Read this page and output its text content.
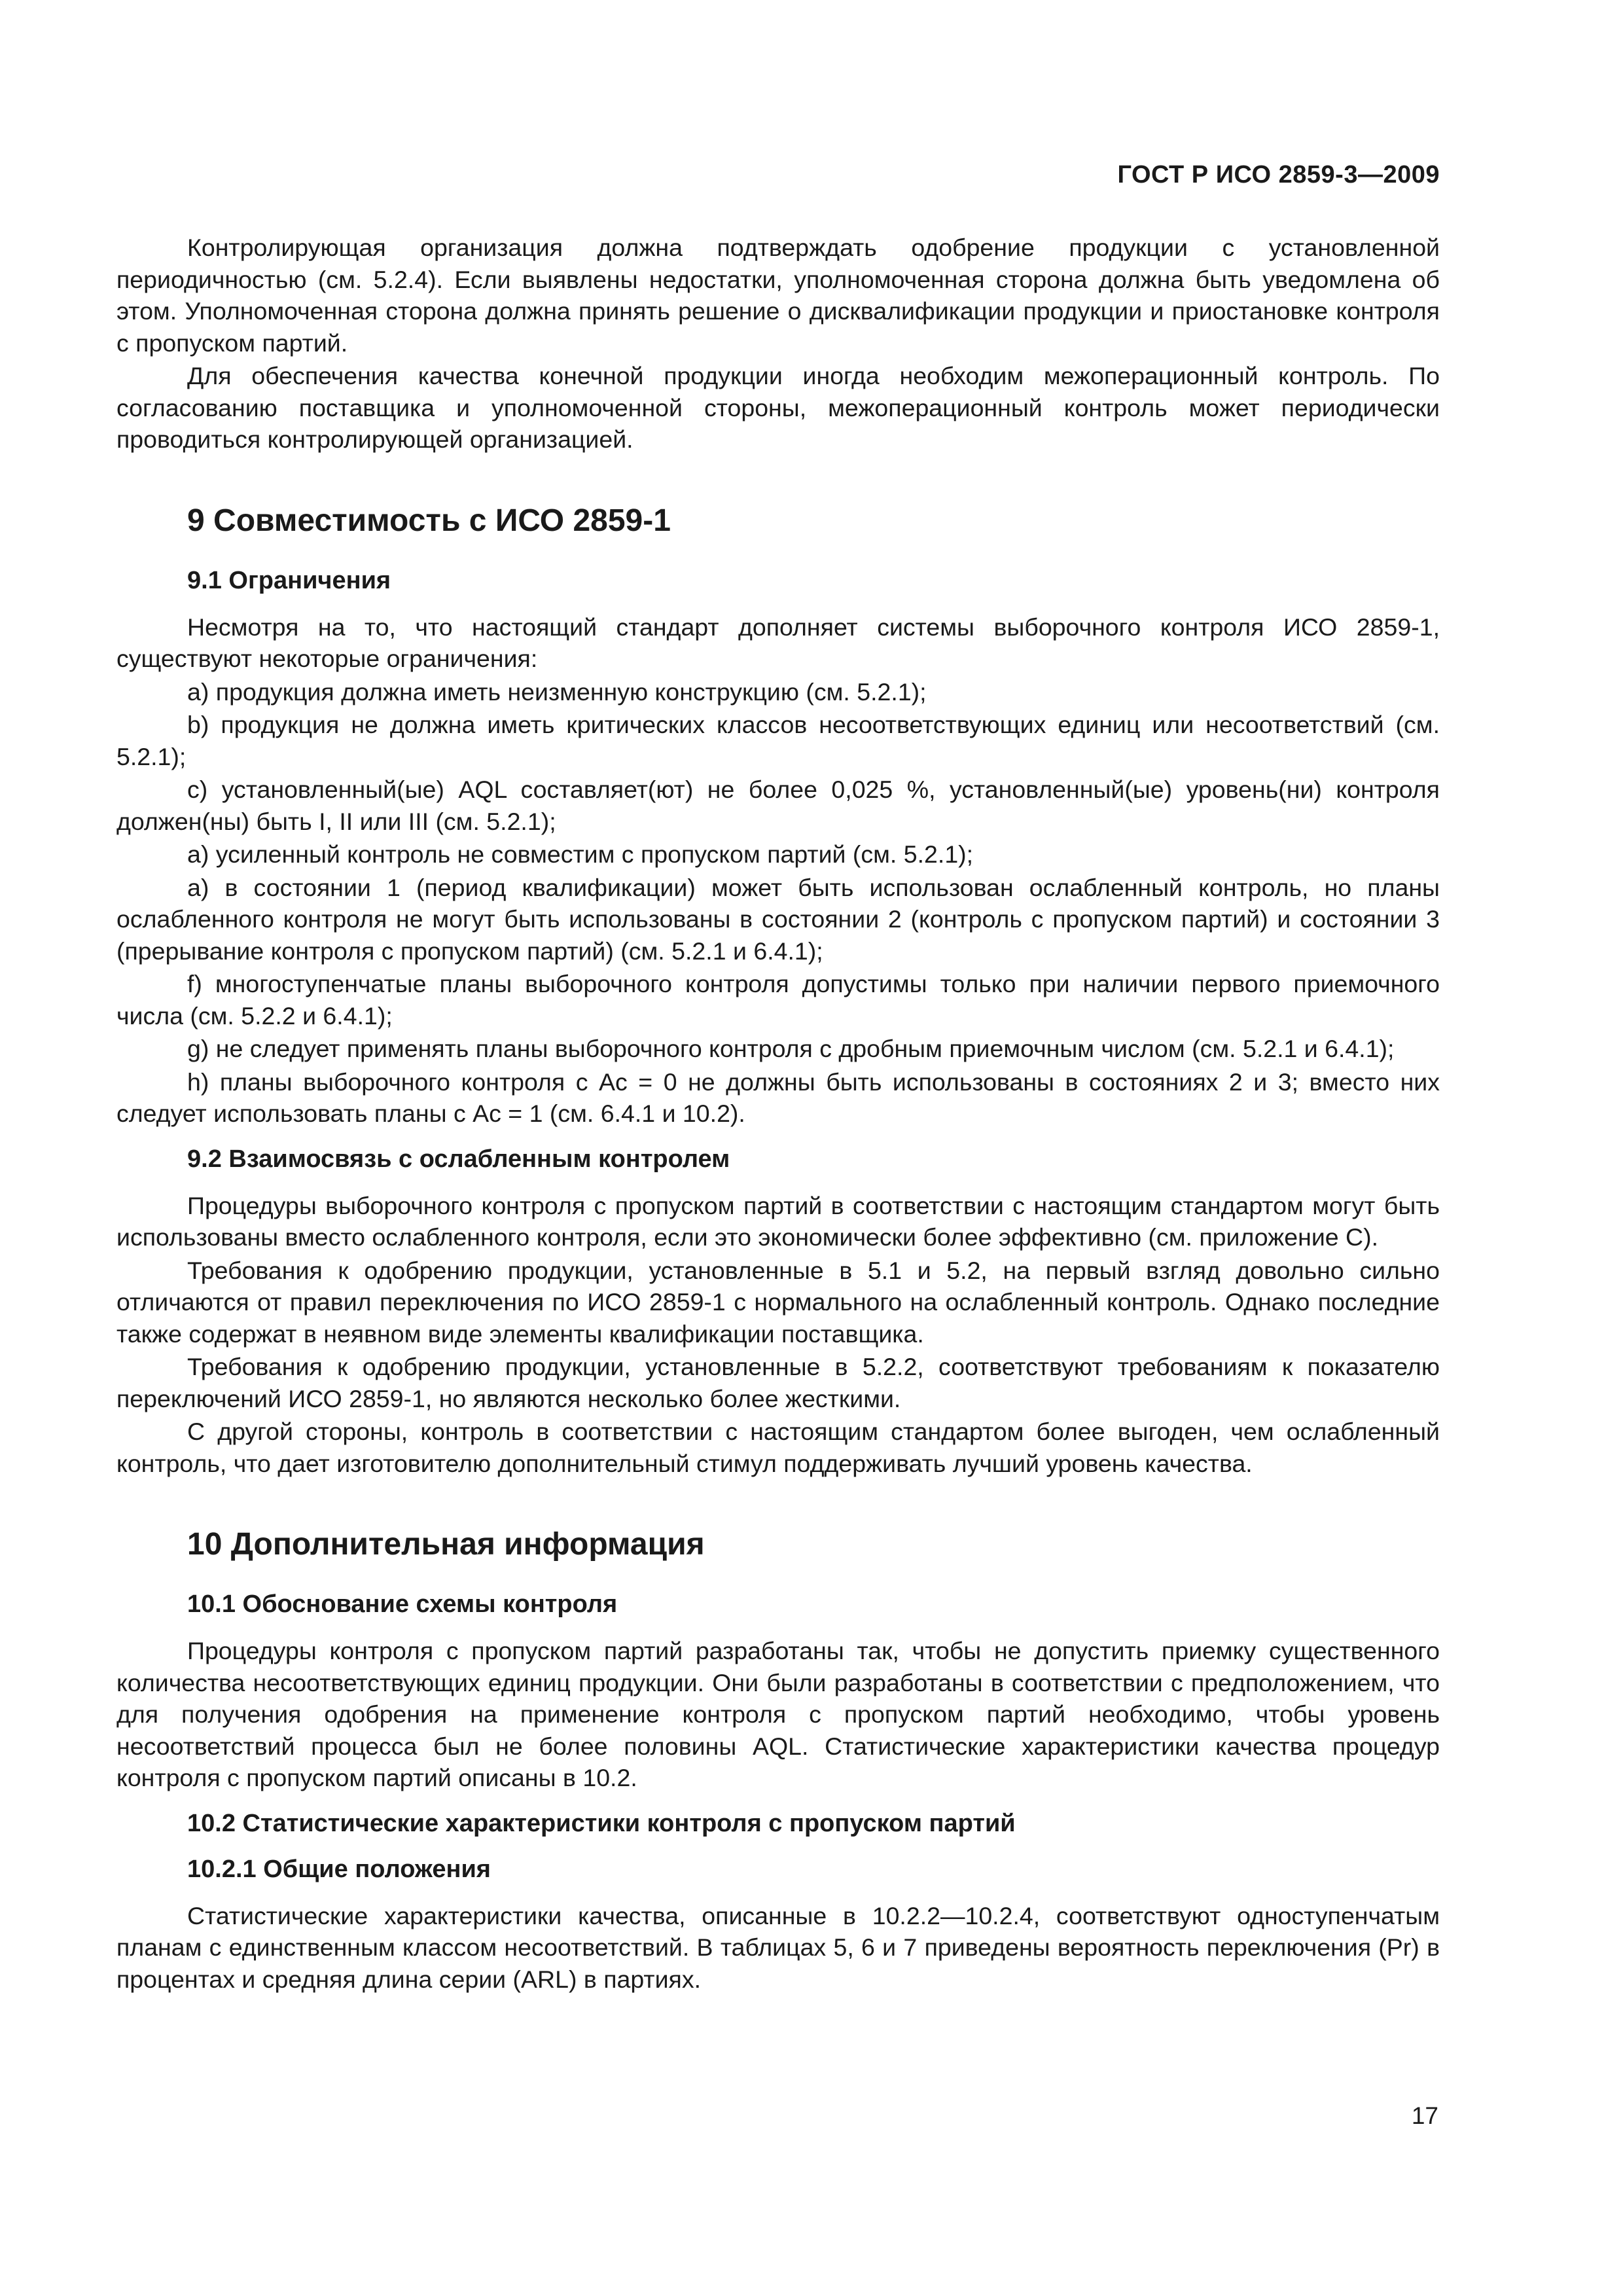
ГОСТ Р ИСО 2859-3—2009

Контролирующая организация должна подтверждать одобрение продукции с установленной периодичностью (см. 5.2.4). Если выявлены недостатки, уполномоченная сторона должна быть уведомлена об этом. Уполномоченная сторона должна принять решение о дисквалификации продукции и приостановке контроля с пропуском партий.

Для обеспечения качества конечной продукции иногда необходим межоперационный контроль. По согласованию поставщика и уполномоченной стороны, межоперационный контроль может периодически проводиться контролирующей организацией.

9 Совместимость с ИСО 2859-1
9.1 Ограничения

Несмотря на то, что настоящий стандарт дополняет системы выборочного контроля ИСО 2859-1, существуют некоторые ограничения:

a) продукция должна иметь неизменную конструкцию (см. 5.2.1);

b) продукция не должна иметь критических классов несоответствующих единиц или несоответствий (см. 5.2.1);

c) установленный(ые) AQL составляет(ют) не более 0,025 %, установленный(ые) уровень(ни) контроля должен(ны) быть I, II или III (см. 5.2.1);

a) усиленный контроль не совместим с пропуском партий (см. 5.2.1);

a) в состоянии 1 (период квалификации) может быть использован ослабленный контроль, но планы ослабленного контроля не могут быть использованы в состоянии 2 (контроль с пропуском партий) и состоянии 3 (прерывание контроля с пропуском партий) (см. 5.2.1 и 6.4.1);

f) многоступенчатые планы выборочного контроля допустимы только при наличии первого приемочного числа (см. 5.2.2 и 6.4.1);

g) не следует применять планы выборочного контроля с дробным приемочным числом (см. 5.2.1 и 6.4.1);

h) планы выборочного контроля с Ac = 0 не должны быть использованы в состояниях 2 и 3; вместо них следует использовать планы с Ac = 1 (см. 6.4.1 и 10.2).

9.2 Взаимосвязь с ослабленным контролем

Процедуры выборочного контроля с пропуском партий в соответствии с настоящим стандартом могут быть использованы вместо ослабленного контроля, если это экономически более эффективно (см. приложение С).

Требования к одобрению продукции, установленные в 5.1 и 5.2, на первый взгляд довольно сильно отличаются от правил переключения по ИСО 2859-1 с нормального на ослабленный контроль. Однако последние также содержат в неявном виде элементы квалификации поставщика.

Требования к одобрению продукции, установленные в 5.2.2, соответствуют требованиям к показателю переключений ИСО 2859-1, но являются несколько более жесткими.

С другой стороны, контроль в соответствии с настоящим стандартом более выгоден, чем ослабленный контроль, что дает изготовителю дополнительный стимул поддерживать лучший уровень качества.

10 Дополнительная информация
10.1 Обоснование схемы контроля

Процедуры контроля с пропуском партий разработаны так, чтобы не допустить приемку существенного количества несоответствующих единиц продукции. Они были разработаны в соответствии с предположением, что для получения одобрения на применение контроля с пропуском партий необходимо, чтобы уровень несоответствий процесса был не более половины AQL. Статистические характеристики качества процедур контроля с пропуском партий описаны в 10.2.

10.2 Статистические характеристики контроля с пропуском партий
10.2.1 Общие положения

Статистические характеристики качества, описанные в 10.2.2—10.2.4, соответствуют одноступенчатым планам с единственным классом несоответствий. В таблицах 5, 6 и 7 приведены вероятность переключения (Pr) в процентах и средняя длина серии (ARL) в партиях.

17
